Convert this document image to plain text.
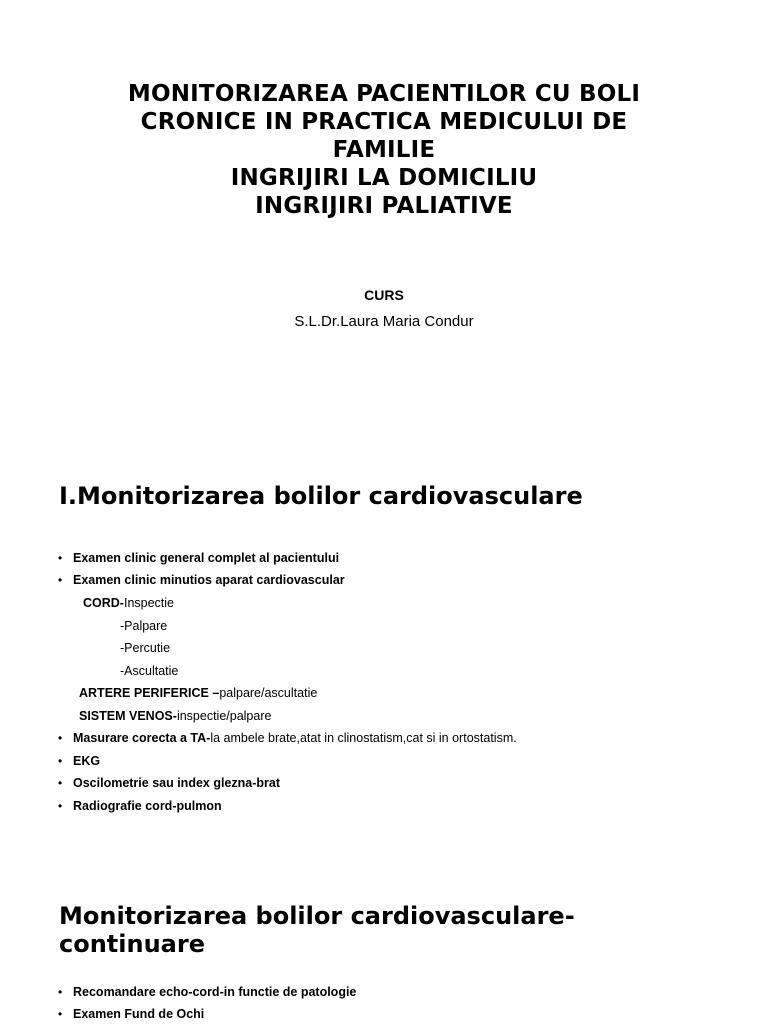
MONITORIZAREA PACIENTILOR CU BOLI
CRONICE IN PRACTICA MEDICULUI DE
FAMILIE
INGRIJIRI LA DOMICILIU
INGRIJIRI PALIATIVE
CURS
S.L.Dr.Laura Maria Condur
I.Monitorizarea bolilor cardiovasculare
• Examen clinic general complet al pacientului
• Examen clinic minutios aparat cardiovascular
CORD-Inspectie
-Palpare
-Percutie
-Ascultatie
ARTERE PERIFERICE –palpare/ascultatie
SISTEM VENOS-inspectie/palpare
• Masurare corecta a TA-la ambele brate,atat in clinostatism,cat si in ortostatism.
• EKG
• Oscilometrie sau index glezna-brat
• Radiografie cord-pulmon
Monitorizarea bolilor cardiovasculare-
continuare
• Recomandare echo-cord-in functie de patologie
• Examen Fund de Ochi
